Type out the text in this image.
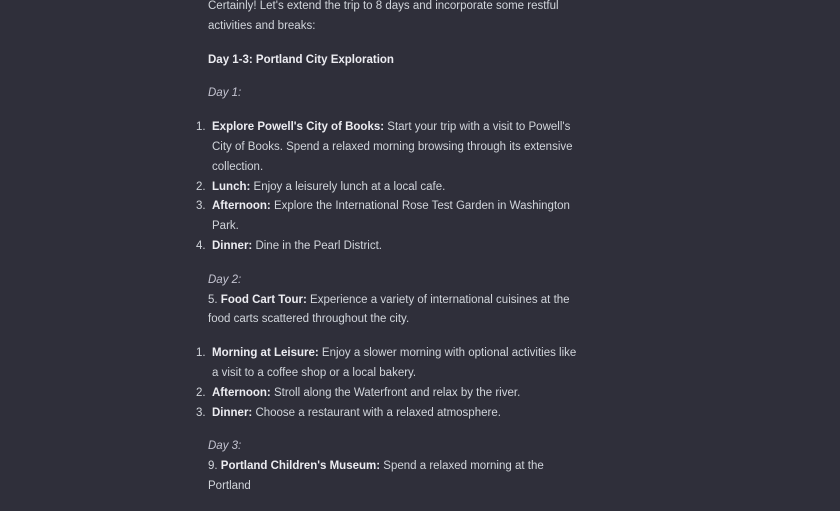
Certainly! Let's extend the trip to 8 days and incorporate some restful activities and breaks:

Day 1-3: Portland City Exploration

Day 1:

1. Explore Powell's City of Books: Start your trip with a visit to Powell's City of Books. Spend a relaxed morning browsing through its extensive collection.
2. Lunch: Enjoy a leisurely lunch at a local cafe.
3. Afternoon: Explore the International Rose Test Garden in Washington Park.
4. Dinner: Dine in the Pearl District.

Day 2:

5. Food Cart Tour: Experience a variety of international cuisines at the food carts scattered throughout the city.

1. Morning at Leisure: Enjoy a slower morning with optional activities like a visit to a coffee shop or a local bakery.
2. Afternoon: Stroll along the Waterfront and relax by the river.
3. Dinner: Choose a restaurant with a relaxed atmosphere.

Day 3:

9. Portland Children's Museum: Spend a relaxed morning at the Portland
